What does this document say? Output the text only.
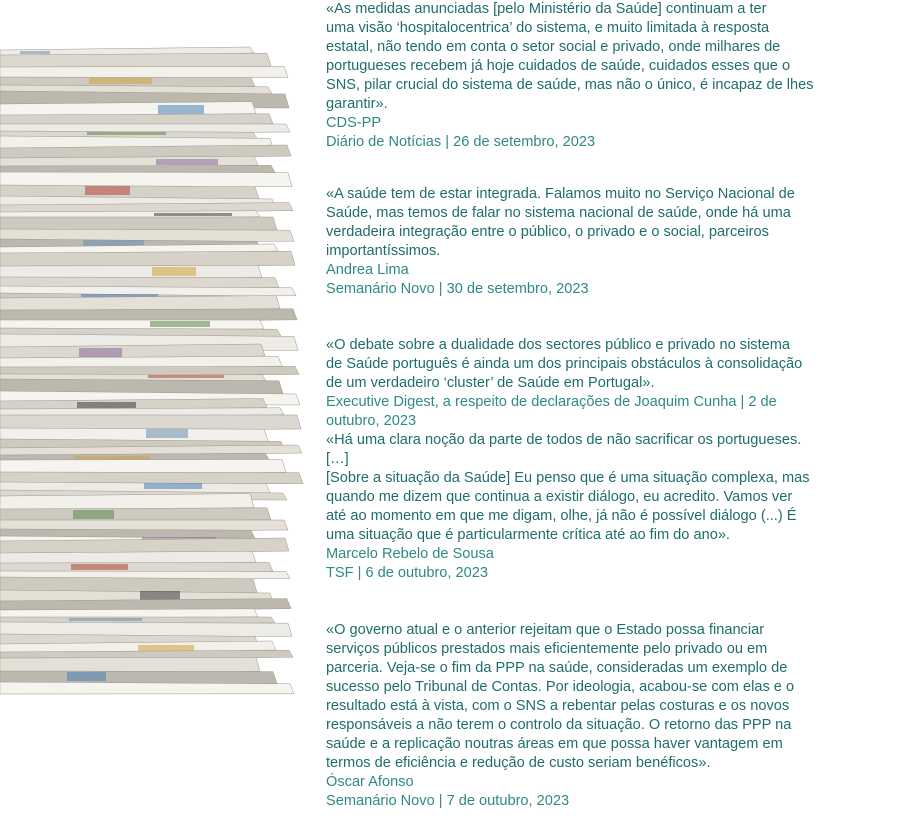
«As medidas anunciadas [pelo Ministério da Saúde] continuam a ter
uma visão ‘hospitalocentrica’ do sistema, e muito limitada à resposta
estatal, não tendo em conta o setor social e privado, onde milhares de
portugueses recebem já hoje cuidados de saúde, cuidados esses que o
SNS, pilar crucial do sistema de saúde, mas não o único, é incapaz de lhes
garantir».

CDS-PP

Diário de Notícias | 26 de setembro, 2023

«A saúde tem de estar integrada. Falamos muito no Serviço Nacional de
Saúde, mas temos de falar no sistema nacional de saúde, onde há uma
verdadeira integração entre o público, o privado e o social, parceiros
importantíssimos.

Andrea Lima

Semanário Novo | 30 de setembro, 2023

«O debate sobre a dualidade dos sectores público e privado no sistema
de Saúde português é ainda um dos principais obstáculos à consolidação
de um verdadeiro ‘cluster’ de Saúde em Portugal».

Executive Digest, a respeito de declarações de Joaquim Cunha | 2 de
outubro, 2023

«Há uma clara noção da parte de todos de não sacrificar os portugueses.
[…]
[Sobre a situação da Saúde] Eu penso que é uma situação complexa, mas
quando me dizem que continua a existir diálogo, eu acredito. Vamos ver
até ao momento em que me digam, olhe, já não é possível diálogo (...) É
uma situação que é particularmente crítica até ao fim do ano».

Marcelo Rebelo de Sousa

TSF | 6 de outubro, 2023

«O governo atual e o anterior rejeitam que o Estado possa financiar
serviços públicos prestados mais eficientemente pelo privado ou em
parceria. Veja-se o fim da PPP na saúde, consideradas um exemplo de
sucesso pelo Tribunal de Contas. Por ideologia, acabou-se com elas e o
resultado está à vista, com o SNS a rebentar pelas costuras e os novos
responsáveis a não terem o controlo da situação. O retorno das PPP na
saúde e a replicação noutras áreas em que possa haver vantagem em
termos de eficiência e redução de custo seriam benéficos».

Óscar Afonso

Semanário Novo | 7 de outubro, 2023
